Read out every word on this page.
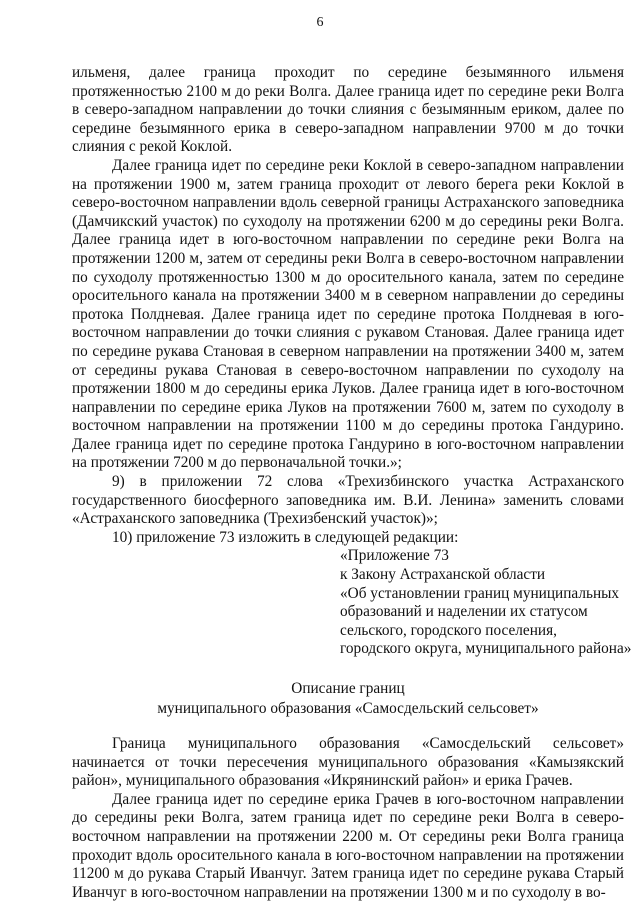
6

ильменя, далее граница проходит по середине безымянного ильменя протяженностью 2100 м до реки Волга. Далее граница идет по середине реки Волга в северо-западном направлении до точки слияния с безымянным ериком, далее по середине безымянного ерика в северо-западном направлении 9700 м до точки слияния с рекой Коклой.

Далее граница идет по середине реки Коклой в северо-западном направлении на протяжении 1900 м, затем граница проходит от левого берега реки Коклой в северо-восточном направлении вдоль северной границы Астраханского заповедника (Дамчикский участок) по суходолу на протяжении 6200 м до середины реки Волга. Далее граница идет в юго-восточном направлении по середине реки Волга на протяжении 1200 м, затем от середины реки Волга в северо-восточном направлении по суходолу протяженностью 1300 м до оросительного канала, затем по середине оросительного канала на протяжении 3400 м в северном направлении до середины протока Полдневая. Далее граница идет по середине протока Полдневая в юго-восточном направлении до точки слияния с рукавом Становая. Далее граница идет по середине рукава Становая в северном направлении на протяжении 3400 м, затем от середины рукава Становая в северо-восточном направлении по суходолу на протяжении 1800 м до середины ерика Луков. Далее граница идет в юго-восточном направлении по середине ерика Луков на протяжении 7600 м, затем по суходолу в восточном направлении на протяжении 1100 м до середины протока Гандурино. Далее граница идет по середине протока Гандурино в юго-восточном направлении на протяжении 7200 м до первоначальной точки.»;

9) в приложении 72 слова «Трехизбинского участка Астраханского государственного биосферного заповедника им. В.И. Ленина» заменить словами «Астраханского заповедника (Трехизбенский участок)»;

10) приложение 73 изложить в следующей редакции:

«Приложение 73
к Закону Астраханской области
«Об установлении границ муниципальных
образований и наделении их статусом
сельского, городского поселения,
городского округа, муниципального района»
Описание границ
муниципального образования «Самосдельский сельсовет»

Граница муниципального образования «Самосдельский сельсовет» начинается от точки пересечения муниципального образования «Камызякский район», муниципального образования «Икрянинский район» и ерика Грачев.

Далее граница идет по середине ерика Грачев в юго-восточном направлении до середины реки Волга, затем граница идет по середине реки Волга в северо-восточном направлении на протяжении 2200 м. От середины реки Волга граница проходит вдоль оросительного канала в юго-восточном направлении на протяжении 11200 м до рукава Старый Иванчуг. Затем граница идет по середине рукава Старый Иванчуг в юго-восточном направлении на протяжении 1300 м и по суходолу в во-
